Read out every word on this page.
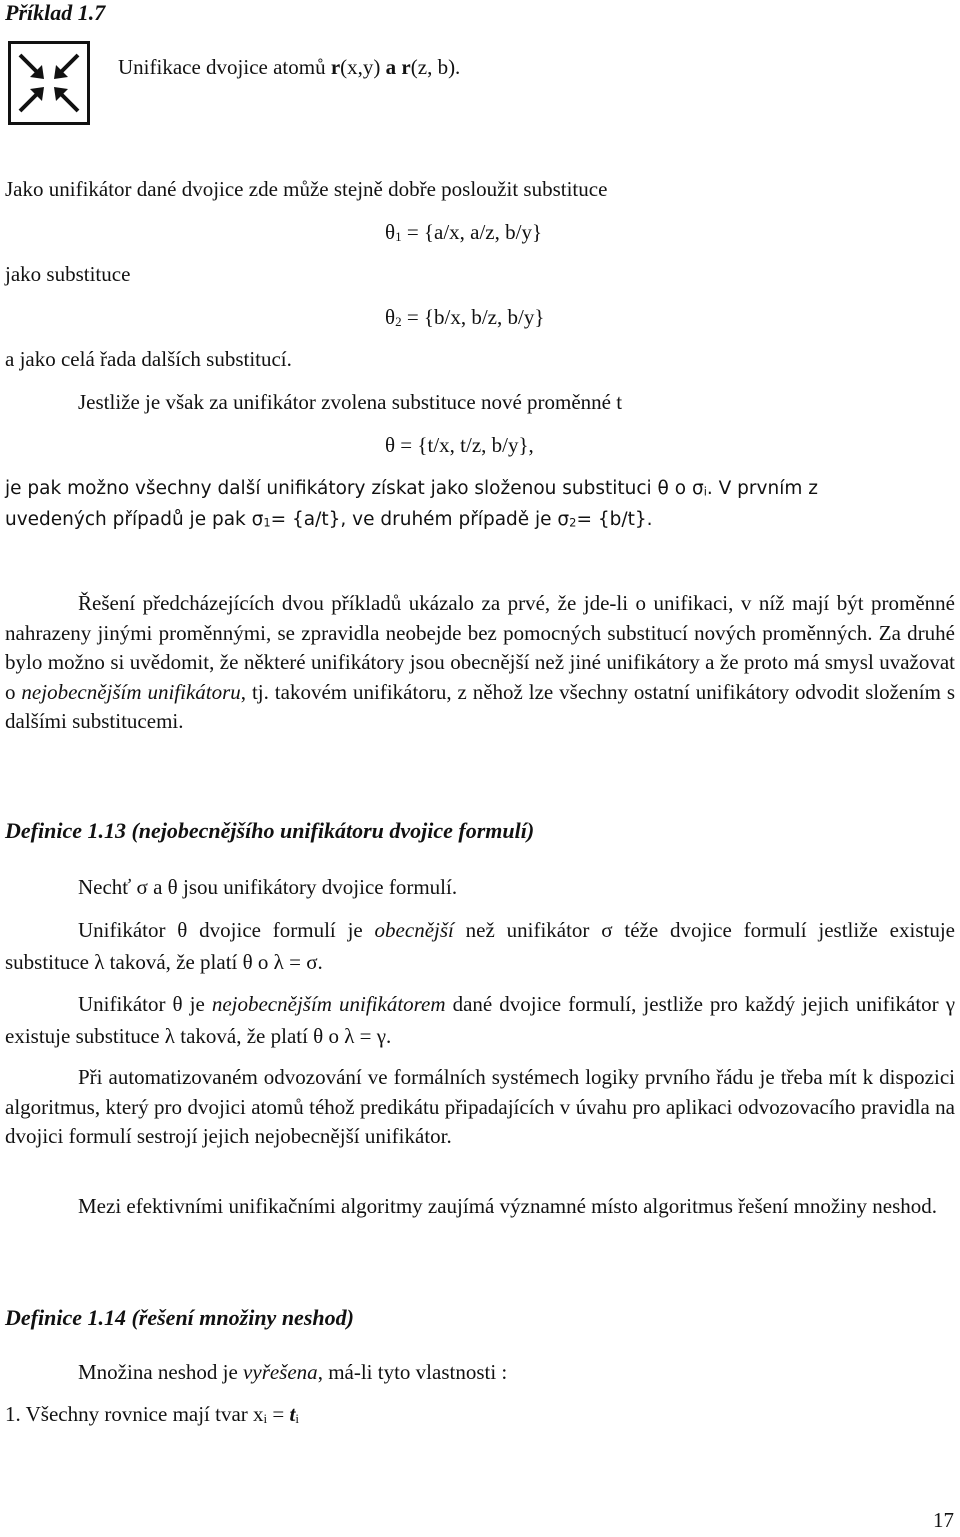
Příklad 1.7
Unifikace dvojice atomů r(x,y) a r(z, b).
Jako unifikátor dané dvojice zde může stejně dobře posloužit substituce
$\theta_1 = \{a/x$, a/z, b/y}
jako substituce
$\theta_2 = \{b/x$, b/z, b/y}
a jako celá řada dalších substitucí.
Jestliže je však za unifikátor zvolena substituce nové proměnné t
θ = {t/x, t/z, b/y},
je pak možno všechny další unifikátory získat jako složenou substituci θ o $\sigma_i$. V prvním z
uvedených případů je pak $\sigma_1= \{a/t\}$, ve druhém případě je $\sigma_2= \{b/t\}$.
Řešení předcházejících dvou příkladů ukázalo za prvé, že jde-li o unifikaci, v níž mají být proměnné nahrazeny jinými proměnnými, se zpravidla neobejde bez pomocných substitucí nových proměnných. Za druhé bylo možno si uvědomit, že některé unifikátory jsou obecnější než jiné unifikátory a že proto má smysl uvažovat o nejobecnějším unifikátoru, tj. takovém unifikátoru, z něhož lze všechny ostatní unifikátory odvodit složením s dalšími substitucemi.
Definice 1.13 (nejobecnějšího unifikátoru dvojice formulí)
Nechť σ a θ jsou unifikátory dvojice formulí.
Unifikátor θ dvojice formulí je obecnější než unifikátor σ téže dvojice formulí jestliže existuje substituce λ taková, že platí θ o λ = σ.
Unifikátor θ je nejobecnějším unifikátorem dané dvojice formulí, jestliže pro každý jejich unifikátor γ existuje substituce λ taková, že platí θ o λ = γ.
Při automatizovaném odvozování ve formálních systémech logiky prvního řádu je třeba mít k dispozici algoritmus, který pro dvojici atomů téhož predikátu připadajících v úvahu pro aplikaci odvozovacího pravidla na dvojici formulí sestrojí jejich nejobecnější unifikátor.
Mezi efektivními unifikačními algoritmy zaujímá významné místo algoritmus řešení množiny neshod.
Definice 1.14 (řešení množiny neshod)
Množina neshod je vyřešena, má-li tyto vlastnosti :
1. Všechny rovnice mají tvar $x_i = t_i$
17
